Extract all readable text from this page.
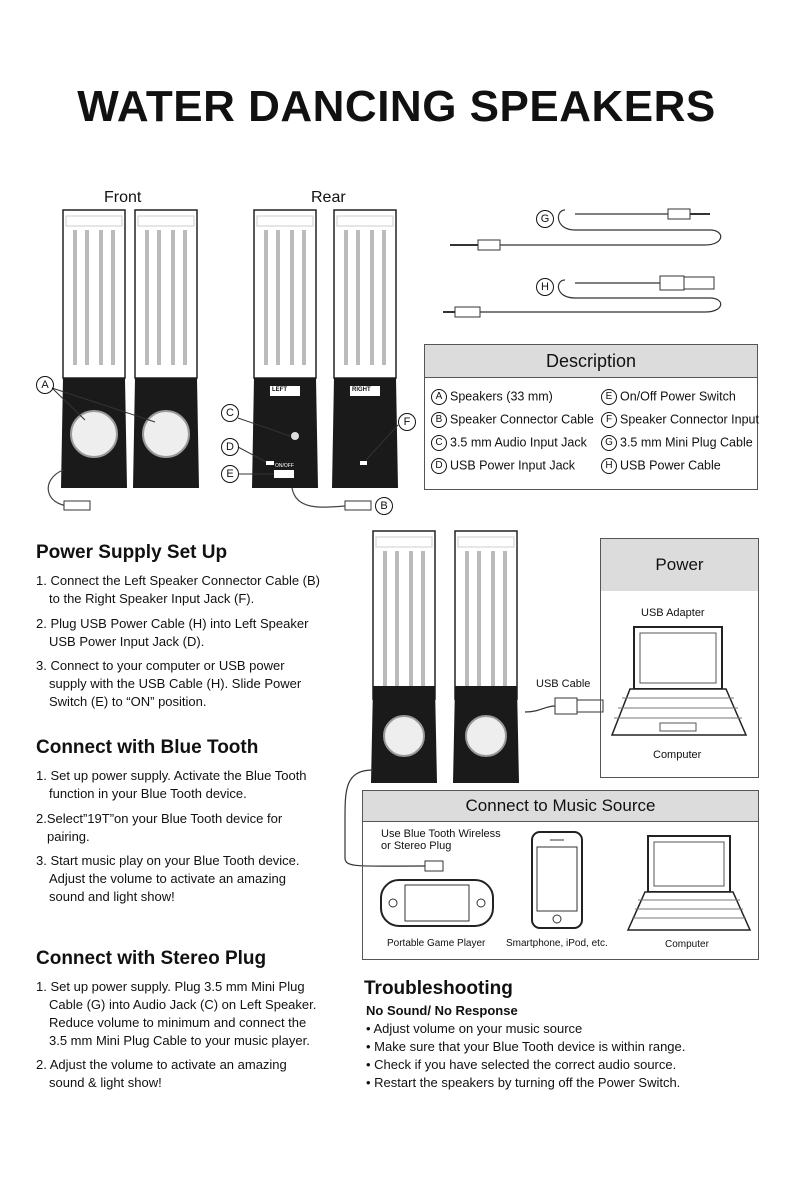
WATER DANCING SPEAKERS
Front	Rear
LEFT	RIGHT
ON/OFF
A
C
D
E
F
B
G
H
Description
A Speakers (33 mm)	E On/Off Power Switch
B Speaker Connector Cable	F Speaker Connector Input
C 3.5 mm Audio Input Jack	G 3.5 mm Mini Plug Cable
D USB Power Input Jack	H USB Power Cable
Power Supply Set Up
1. Connect the Left Speaker Connector Cable (B)
to the Right Speaker Input Jack (F).
2. Plug USB Power Cable (H) into Left Speaker
USB Power Input Jack (D).
3. Connect to your computer or USB power
supply with the USB Cable (H). Slide Power
Switch (E) to “ON” position.
Connect with Blue Tooth
1. Set up power supply. Activate the Blue Tooth
function in your Blue Tooth device.
2.Select”19T”on your Blue Tooth device for
pairing.
3. Start music play on your Blue Tooth device.
Adjust the volume to activate an amazing
sound and light show!
Connect with Stereo Plug
1. Set up power supply. Plug 3.5 mm Mini Plug
Cable (G) into Audio Jack (C) on Left Speaker.
Reduce volume to minimum and connect the
3.5 mm Mini Plug Cable to your music player.
2. Adjust the volume to activate an amazing
sound & light show!
Power
USB Adapter
Computer
USB Cable
Connect to Music Source
Use Blue Tooth Wireless
or Stereo Plug
Portable Game Player Smartphone, iPod, etc.	Computer
Troubleshooting
No Sound/ No Response
• Adjust volume on your music source
• Make sure that your Blue Tooth device is within range.
• Check if you have selected the correct audio source.
• Restart the speakers by turning off the Power Switch.
